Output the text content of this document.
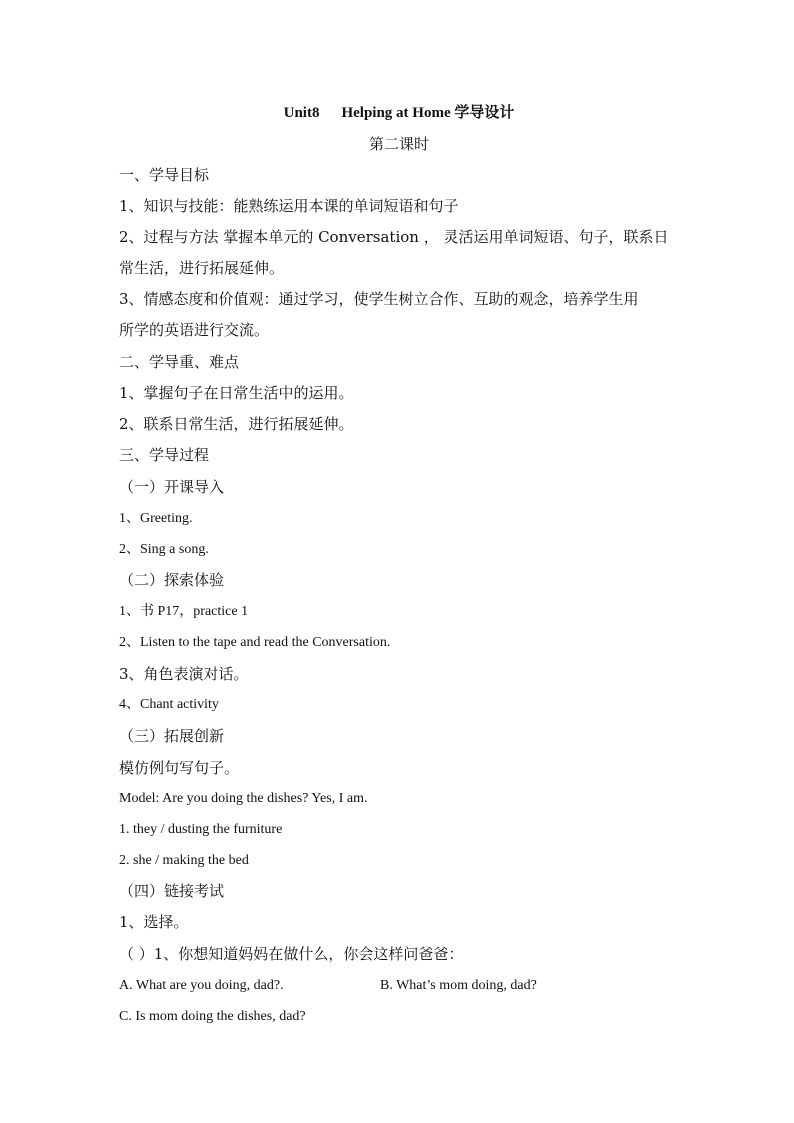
Unit8 Helping at Home 学导设计
第二课时
一、学导目标
1、知识与技能：能熟练运用本课的单词短语和句子
2、过程与方法 掌握本单元的 Conversation ， 灵活运用单词短语、句子，联系日
常生活，进行拓展延伸。
3、情感态度和价值观：通过学习，使学生树立合作、互助的观念，培养学生用
所学的英语进行交流。
二、学导重、难点
1、掌握句子在日常生活中的运用。
2、联系日常生活，进行拓展延伸。
三、学导过程
（一）开课导入
1、Greeting.
2、Sing a song.
（二）探索体验
1、书 P17，practice 1
2、Listen to the tape and read the Conversation.
3、角色表演对话。
4、Chant activity
（三）拓展创新
模仿例句写句子。
Model: Are you doing the dishes? Yes, I am.
1. they / dusting the furniture
2. she / making the bed
（四）链接考试
1、选择。
（ ）1、你想知道妈妈在做什么，你会这样问爸爸：
A. What are you doing, dad?.	B. What’s mom doing, dad?
C. Is mom doing the dishes, dad?
